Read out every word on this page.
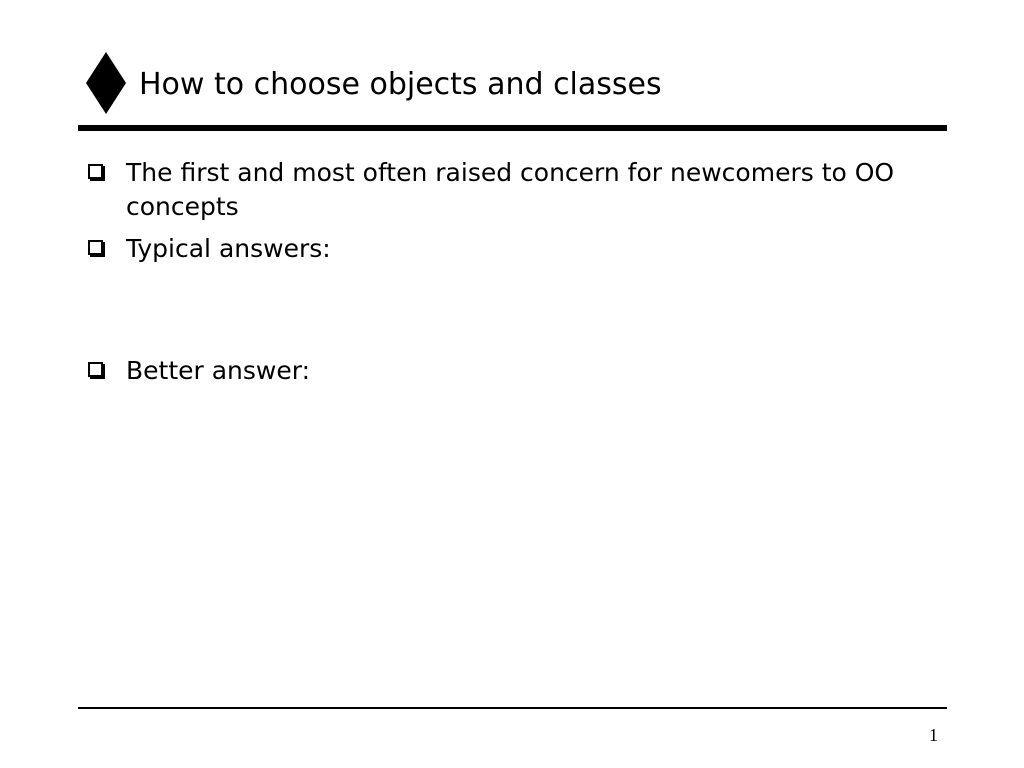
How to choose objects and classes
The first and most often raised concern for newcomers to OO concepts
Typical answers:
Better answer:
1
